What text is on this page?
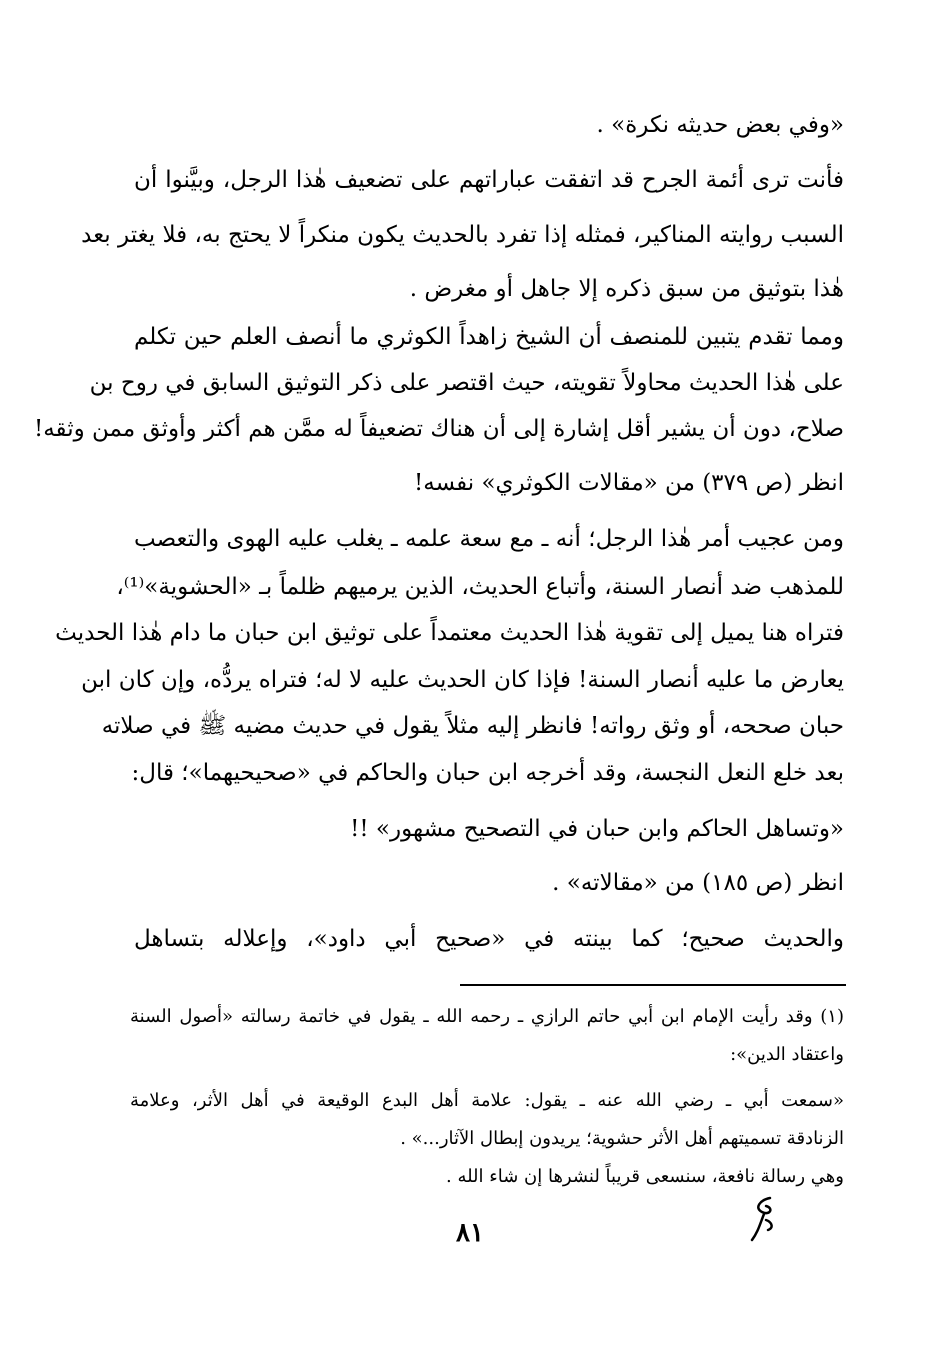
«وفي بعض حديثه نكرة» .

فأنت ترى أئمة الجرح قد اتفقت عباراتهم على تضعيف هٰذا الرجل، وبيَّنوا أن

السبب روايته المناكير، فمثله إذا تفرد بالحديث يكون منكراً لا يحتج به، فلا يغتر بعد

هٰذا بتوثيق من سبق ذكره إلا جاهل أو مغرض .

ومما تقدم يتبين للمنصف أن الشيخ زاهداً الكوثري ما أنصف العلم حين تكلم

على هٰذا الحديث محاولاً تقويته، حيث اقتصر على ذكر التوثيق السابق في روح بن

صلاح، دون أن يشير أقل إشارة إلى أن هناك تضعيفاً له ممَّن هم أكثر وأوثق ممن وثقه!

انظر (ص ٣٧٩) من «مقالات الكوثري» نفسه!

ومن عجيب أمر هٰذا الرجل؛ أنه ـ مع سعة علمه ـ يغلب عليه الهوى والتعصب

للمذهب ضد أنصار السنة، وأتباع الحديث، الذين يرميهم ظلماً بـ «الحشوية»⁽¹⁾،

فتراه هنا يميل إلى تقوية هٰذا الحديث معتمداً على توثيق ابن حبان ما دام هٰذا الحديث

يعارض ما عليه أنصار السنة! فإذا كان الحديث عليه لا له؛ فتراه يردُّه، وإن كان ابن

حبان صححه، أو وثق رواته! فانظر إليه مثلاً يقول في حديث مضيه ﷺ في صلاته

بعد خلع النعل النجسة، وقد أخرجه ابن حبان والحاكم في «صحيحيهما»؛ قال:

«وتساهل الحاكم وابن حبان في التصحيح مشهور» !!

انظر (ص ١٨٥) من «مقالاته» .

والحديث صحيح؛ كما بينته في «صحيح أبي داود»، وإعلاله بتساهل

(١) وقد رأيت الإمام ابن أبي حاتم الرازي ـ رحمه الله ـ يقول في خاتمة رسالته «أصول السنة

واعتقاد الدين»:

«سمعت أبي ـ رضي الله عنه ـ يقول: علامة أهل البدع الوقيعة في أهل الأثر، وعلامة

الزنادقة تسميتهم أهل الأثر حشوية؛ يريدون إبطال الآثار...» .

وهي رسالة نافعة، سنسعى قريباً لنشرها إن شاء الله .

٨١
